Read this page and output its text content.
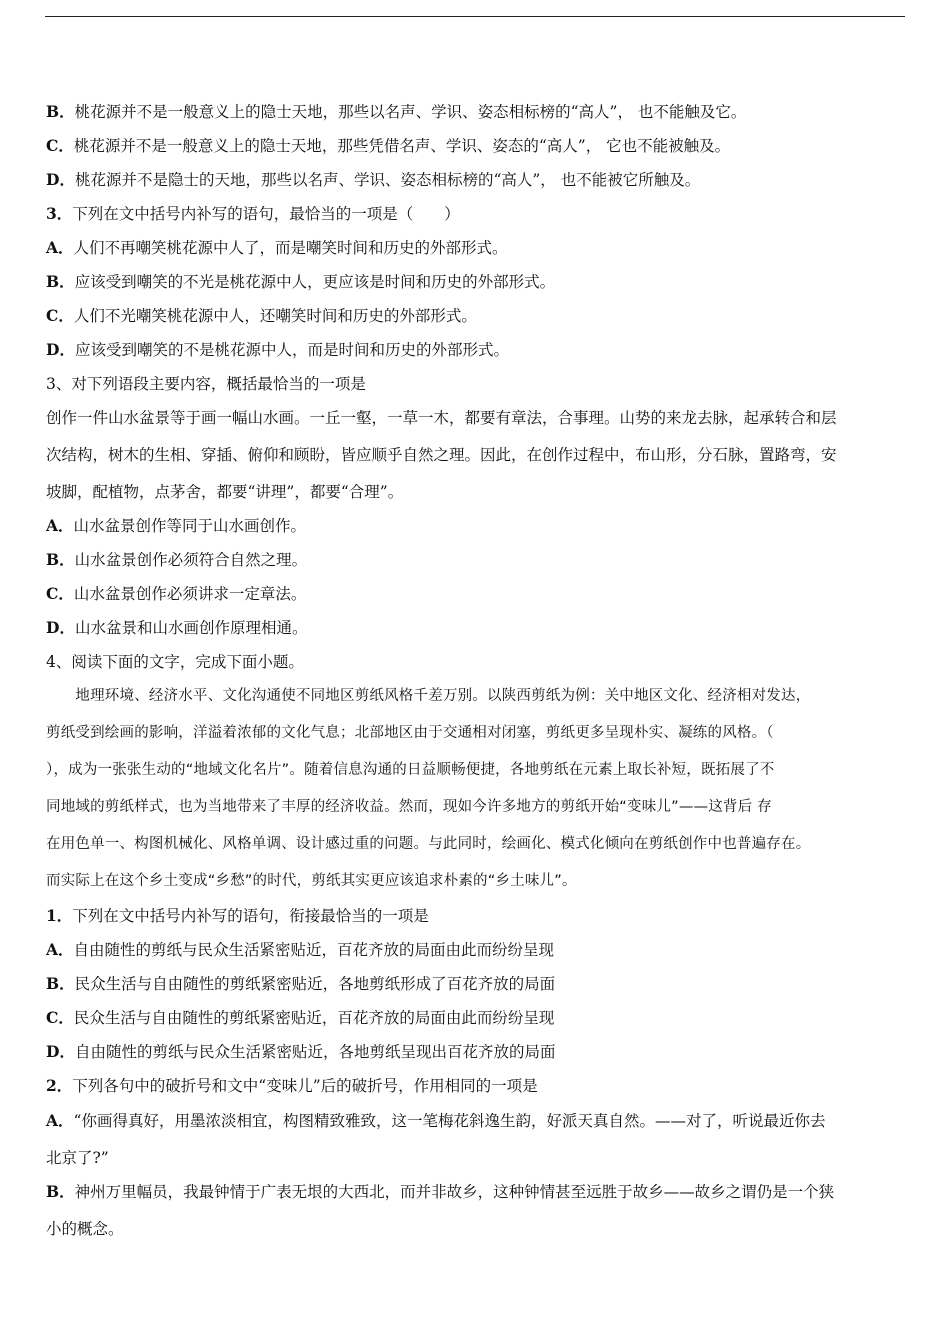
B．桃花源并不是一般意义上的隐士天地，那些以名声、学识、姿态相标榜的“高人”， 也不能触及它。
C．桃花源并不是一般意义上的隐士天地，那些凭借名声、学识、姿态的“高人”， 它也不能被触及。
D．桃花源并不是隐士的天地，那些以名声、学识、姿态相标榜的“高人”， 也不能被它所触及。
3．下列在文中括号内补写的语句，最恰当的一项是（　　）
A．人们不再嘲笑桃花源中人了，而是嘲笑时间和历史的外部形式。
B．应该受到嘲笑的不光是桃花源中人，更应该是时间和历史的外部形式。
C．人们不光嘲笑桃花源中人，还嘲笑时间和历史的外部形式。
D．应该受到嘲笑的不是桃花源中人，而是时间和历史的外部形式。
3、对下列语段主要内容，概括最恰当的一项是
创作一件山水盆景等于画一幅山水画。一丘一壑，一草一木，都要有章法，合事理。山势的来龙去脉，起承转合和层
次结构，树木的生相、穿插、俯仰和顾盼，皆应顺乎自然之理。因此，在创作过程中，布山形，分石脉，置路弯，安
坡脚，配植物，点茅舍，都要“讲理”，都要“合理”。
A．山水盆景创作等同于山水画创作。
B．山水盆景创作必须符合自然之理。
C．山水盆景创作必须讲求一定章法。
D．山水盆景和山水画创作原理相通。
4、阅读下面的文字，完成下面小题。
　　地理环境、经济水平、文化沟通使不同地区剪纸风格千差万别。以陕西剪纸为例：关中地区文化、经济相对发达，
剪纸受到绘画的影响，洋溢着浓郁的文化气息；北部地区由于交通相对闭塞，剪纸更多呈现朴实、凝练的风格。（
），成为一张张生动的“地域文化名片”。随着信息沟通的日益顺畅便捷，各地剪纸在元素上取长补短，既拓展了不
同地域的剪纸样式，也为当地带来了丰厚的经济收益。然而，现如今许多地方的剪纸开始“变味儿”——这背后 存
在用色单一、构图机械化、风格单调、设计感过重的问题。与此同时，绘画化、模式化倾向在剪纸创作中也普遍存在。
而实际上在这个乡土变成“乡愁”的时代，剪纸其实更应该追求朴素的“乡土味儿”。
1．下列在文中括号内补写的语句，衔接最恰当的一项是
A．自由随性的剪纸与民众生活紧密贴近，百花齐放的局面由此而纷纷呈现
B．民众生活与自由随性的剪纸紧密贴近，各地剪纸形成了百花齐放的局面
C．民众生活与自由随性的剪纸紧密贴近，百花齐放的局面由此而纷纷呈现
D．自由随性的剪纸与民众生活紧密贴近，各地剪纸呈现出百花齐放的局面
2．下列各句中的破折号和文中“变味儿”后的破折号，作用相同的一项是
A．“你画得真好，用墨浓淡相宜，构图精致雅致，这一笔梅花斜逸生韵，好派天真自然。——对了，听说最近你去
北京了?”
B．神州万里幅员，我最钟情于广表无垠的大西北，而并非故乡，这种钟情甚至远胜于故乡——故乡之谓仍是一个狭
小的概念。
